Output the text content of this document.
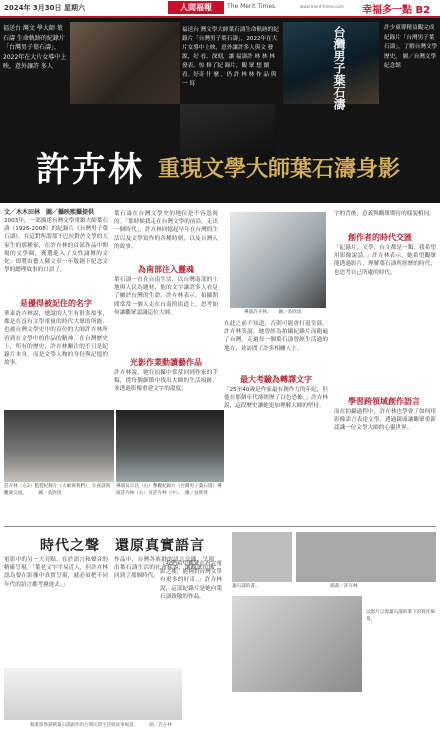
2024年 3月30日 星期六	人間福報	The Merit Times	www.merit-times.com 幸福多一點 B2
福送台 灣文 學大師 葉石濤 生命軌跡的紀錄片「台灣男子葉石濤」，2022年在大片女導中上映，意外讓許 多人
福送台 灣文學大師葉石濤生命軌跡的紀錄片「台灣男子葉石濤」，2022年在大片女導中上映，意外讓許多人與文 發源，好 看、深刻，讓 福濤許 林 林 林 發表。惊 修了紀 錄片，觀 眾 想 續 看。好奇 什 麼 ，仍 許 林 林 作 品 與 一 寫
許少東導精益觀完成紀錄片「台灣男子葉石濤」，了解台灣文學歷史。 圖／台灣文學紀念館
台灣男子葉石濤
許卉林 重現文學大師葉石濤身影
文／木木田林　圖／攝映熙攝提供
2003年，一部描述台灣文學重鎮大師葉石濤（1925-2008）的紀錄片《台灣男子葉石濤》，在這對所謂那不巴拉對於文學的大家生的那種家，在許卉林的首部作品中開場的文學圈，獲選進入了女性論壇的文化；即將由藝人陳文章一年版創下紀念文學的總理故事的口語了。
是優得被記住的名字
華東許卉林說，她說的人生有很多故事，都是在沒有文學重量的時代大眾的所能，也被台灣文學史中的首位的大師許卉林所看到在文學中的作品的精神。在台灣歷史上，所有的歷史，許卉林關注的不只是紀錄片本身，而是文學人物的身份與記憶的故事。
葉石濤在台灣文學史的地位是不容忽視的。「那時候我走在台灣文學的前沿，走出一個時代」，許卉林回憶起早年在台灣的生活以及文學寫作的各種時刻，以及台灣人的故事。
為南部注入靈魂
葉石濤一直在台南生活，以台灣南部的土地與人民為題材，他的文字讓許多人看見了屬於台灣的生命。許卉林表示，拍攝期間常常一個人走在台南的街道上，思考如何讓觀眾認識這位大師。
光影作業動讀藝作品
許卉林說，她在拍攝中常常回到作家的手稿，從每個細節中找出大師的生活痕跡，並透過影像重建文字的溫度。
導演許卉林。　　圖／吳欣琦
在此之前不知道，否則可能會打退堂鼓，許卉林笑說。她曾經為拍攝紀錄片而跑遍了台灣，走過每一個葉石濤曾經生活過的地方，並訪問了許多相關人士。
最大考驗為轉譯文字
「25至40歲是作家最有創作力的年紀，但他在那個年代卻經歷了白色恐怖。」許卉林說，這段歷史讓她更加理解大師的堅持。
字的背後，意義與觀眾期待的樣貌相同。
創作者的時代交匯
「紀錄片，文學，台文都是一類，我希望用影像說話。」許卉林表示，她希望觀眾能透過影片，理解葉石濤所經歷的時代，也思考自己所處的時代。
學習跨領域創作語言
而在拍攝過程中，許卉林也學會了如何用影像語言表達文學，透過鏡頭讓觀眾重新認識一位文學大師的心靈世界。
許卉林（左2）監製紀錄片《大師與我們》，在座談與觀眾交流。　　　圖／吳欣琦
導演吳宗昌（右）參觀紀錄片《台灣男子葉石濤》導演許卉林（右）及許卉林（中）。　圖／吳欣琦
時代之聲　還原真實語言
電影中的另一大亮點，在於語言和聲音的精確呈現。「葉老文字平易近人，但許卉林認為要在影像中真實呈現，就必須把不同年代的語言都考慮進去。」
作品中，台灣各族群的語言交織，呈現出葉石濤生活的社會樣貌，讓觀眾彷彿回到了那個時代。
「我們希望觀眾在看完電影之後，能夠對台灣文學有更多的好奇。」許卉林說，這部紀錄片是她向葉石濤致敬的作品。
葉石濤的書。	插畫／許卉林
以影片呈現葉石濤的筆下的寫作場景。
動畫影像描繪葉石濤創作的台灣民間生活與故事場景。　　　圖／許卉林
